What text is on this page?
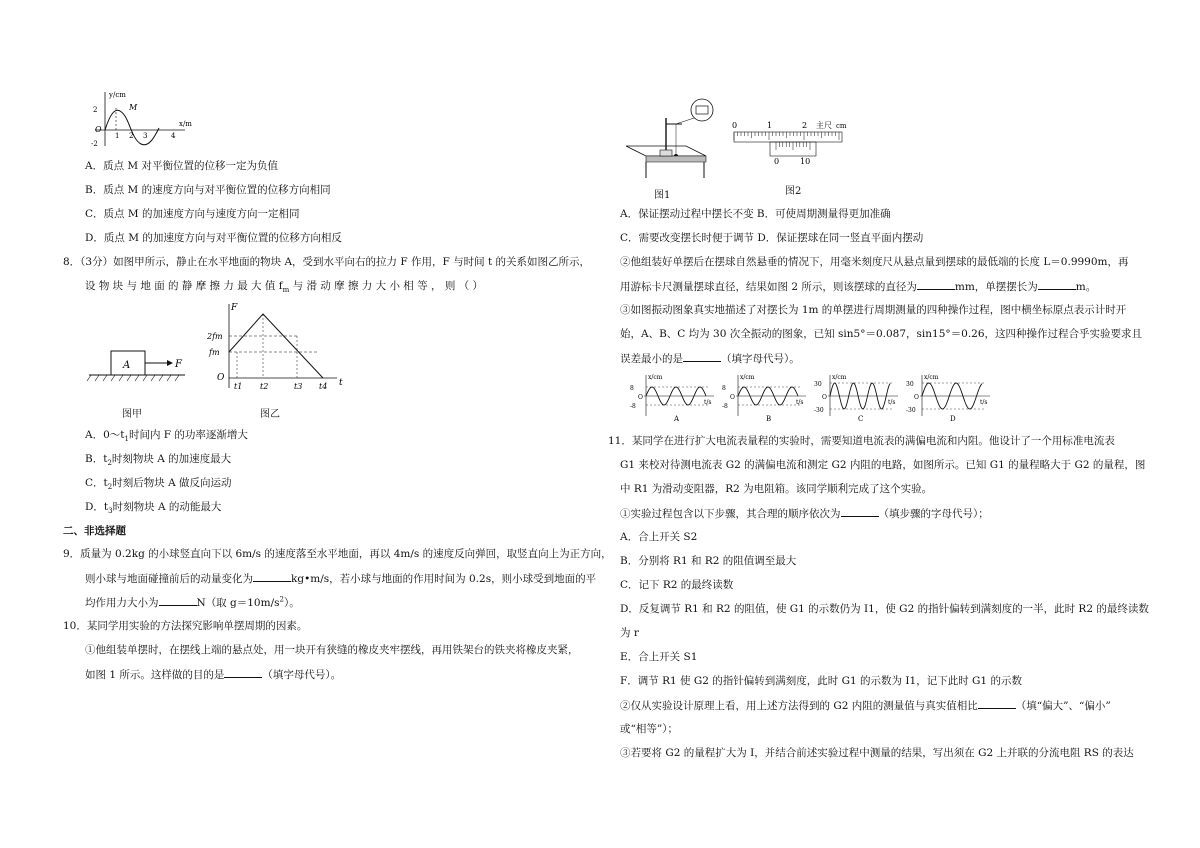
y/cm
x/m
M
2
-2
O
1 2 3	4
A．质点 M 对平衡位置的位移一定为负值
B．质点 M 的速度方向与对平衡位置的位移方向相同
C．质点 M 的加速度方向与速度方向一定相同
D．质点 M 的加速度方向与对平衡位置的位移方向相反
8．（3分）如图甲所示，静止在水平地面的物块 A，受到水平向右的拉力 F 作用，F 与时间 t 的关系如图乙所示，
设 物 块 与 地 面 的 静 摩 擦 力 最 大 值 $f_m$ 与 滑 动 摩 擦 力 大 小 相 等 ， 则 （ ）
A	F
图甲
F
t
O
2fm
fm
t1 t2	t3 t4
图乙
A．$0\sim t_1$时间内 F 的功率逐渐增大
B．$t_2$时刻物块 A 的加速度最大
C．$t_2$时刻后物块 A 做反向运动
D．$t_3$时刻物块 A 的动能最大
二、非选择题
9．质量为 0.2kg 的小球竖直向下以 6m/s 的速度落至水平地面，再以 4m/s 的速度反向弹回，取竖直向上为正方向，
则小球与地面碰撞前后的动量变化为	kg•m/s，若小球与地面的作用时间为 0.2s，则小球受到地面的平
均作用力大小为	N（取 $g=10m/s^2$）。
10．某同学用实验的方法探究影响单摆周期的因素。
①他组装单摆时，在摆线上端的悬点处，用一块开有狭缝的橡皮夹牢摆线，再用铁架台的铁夹将橡皮夹紧，
如图 1 所示。这样做的目的是	（填字母代号）。
图1
0	1	2 主尺 cm
0	10
图2
A．保证摆动过程中摆长不变 B．可使周期测量得更加准确
C．需要改变摆长时便于调节 D．保证摆球在同一竖直平面内摆动
②他组装好单摆后在摆球自然悬垂的情况下，用毫米刻度尺从悬点量到摆球的最低端的长度 L＝0.9990m，再
用游标卡尺测量摆球直径，结果如图 2 所示，则该摆球的直径为	mm，单摆摆长为	m。
③如图振动图象真实地描述了对摆长为 1m 的单摆进行周期测量的四种操作过程，图中横坐标原点表示计时开
始，A、B、C 均为 30 次全振动的图象，已知 sin5°＝0.087，sin15°＝0.26，这四种操作过程合乎实验要求且
误差最小的是	（填字母代号）。
x/cm
8
-8
O
t/s
A
x/cm
8
-8
O
t/s
B
x/cm
30
-30
O
t/s
C
x/cm
30
-30
O
t/s
D
11．某同学在进行扩大电流表量程的实验时，需要知道电流表的满偏电流和内阻。他设计了一个用标准电流表
G1 来校对待测电流表 G2 的满偏电流和测定 G2 内阻的电路，如图所示。已知 G1 的量程略大于 G2 的量程，图
中 R1 为滑动变阻器，R2 为电阻箱。该同学顺利完成了这个实验。
①实验过程包含以下步骤，其合理的顺序依次为	（填步骤的字母代号）；
A．合上开关 S2
B．分别将 R1 和 R2 的阻值调至最大
C．记下 R2 的最终读数
D．反复调节 R1 和 R2 的阻值，使 G1 的示数仍为 I1，使 G2 的指针偏转到满刻度的一半，此时 R2 的最终读数
为 r
E．合上开关 S1
F．调节 R1 使 G2 的指针偏转到满刻度，此时 G1 的示数为 I1，记下此时 G1 的示数
②仅从实验设计原理上看，用上述方法得到的 G2 内阻的测量值与真实值相比	（填“偏大”、“偏小”
或“相等”）；
③若要将 G2 的量程扩大为 I，并结合前述实验过程中测量的结果，写出须在 G2 上并联的分流电阻 RS 的表达
